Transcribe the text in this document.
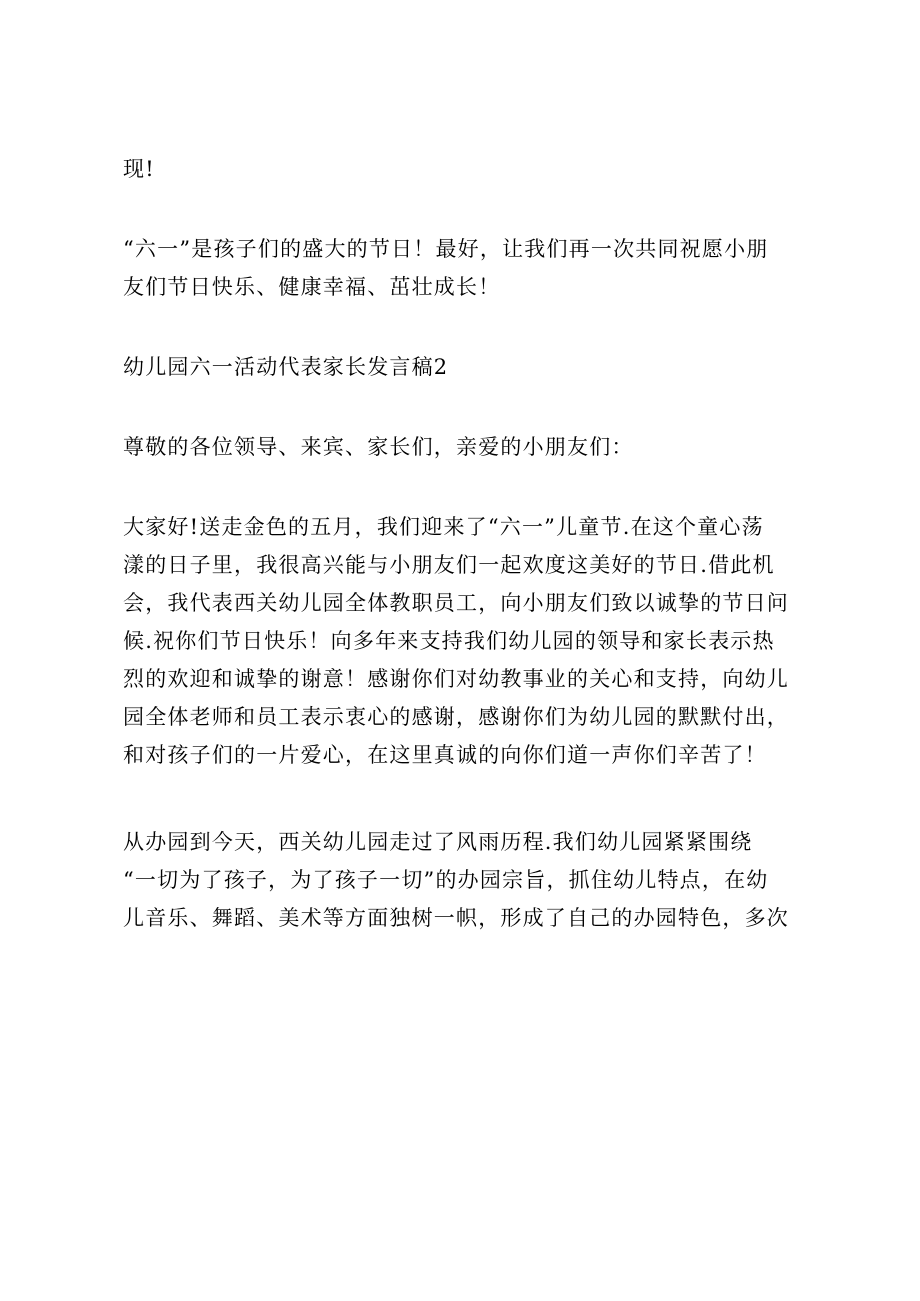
现!

“六一”是孩子们的盛大的节日！最好，让我们再一次共同祝愿小朋
友们节日快乐、健康幸福、茁壮成长！

幼儿园六一活动代表家长发言稿2

尊敬的各位领导、来宾、家长们，亲爱的小朋友们：

大家好!送走金色的五月，我们迎来了“六一”儿童节.在这个童心荡
漾的日子里，我很高兴能与小朋友们一起欢度这美好的节日.借此机
会，我代表西关幼儿园全体教职员工，向小朋友们致以诚挚的节日问
候.祝你们节日快乐！向多年来支持我们幼儿园的领导和家长表示热
烈的欢迎和诚挚的谢意！感谢你们对幼教事业的关心和支持，向幼儿
园全体老师和员工表示衷心的感谢，感谢你们为幼儿园的默默付出，
和对孩子们的一片爱心，在这里真诚的向你们道一声你们辛苦了！

从办园到今天，西关幼儿园走过了风雨历程.我们幼儿园紧紧围绕
“一切为了孩子，为了孩子一切”的办园宗旨，抓住幼儿特点，在幼
儿音乐、舞蹈、美术等方面独树一帜，形成了自己的办园特色，多次
